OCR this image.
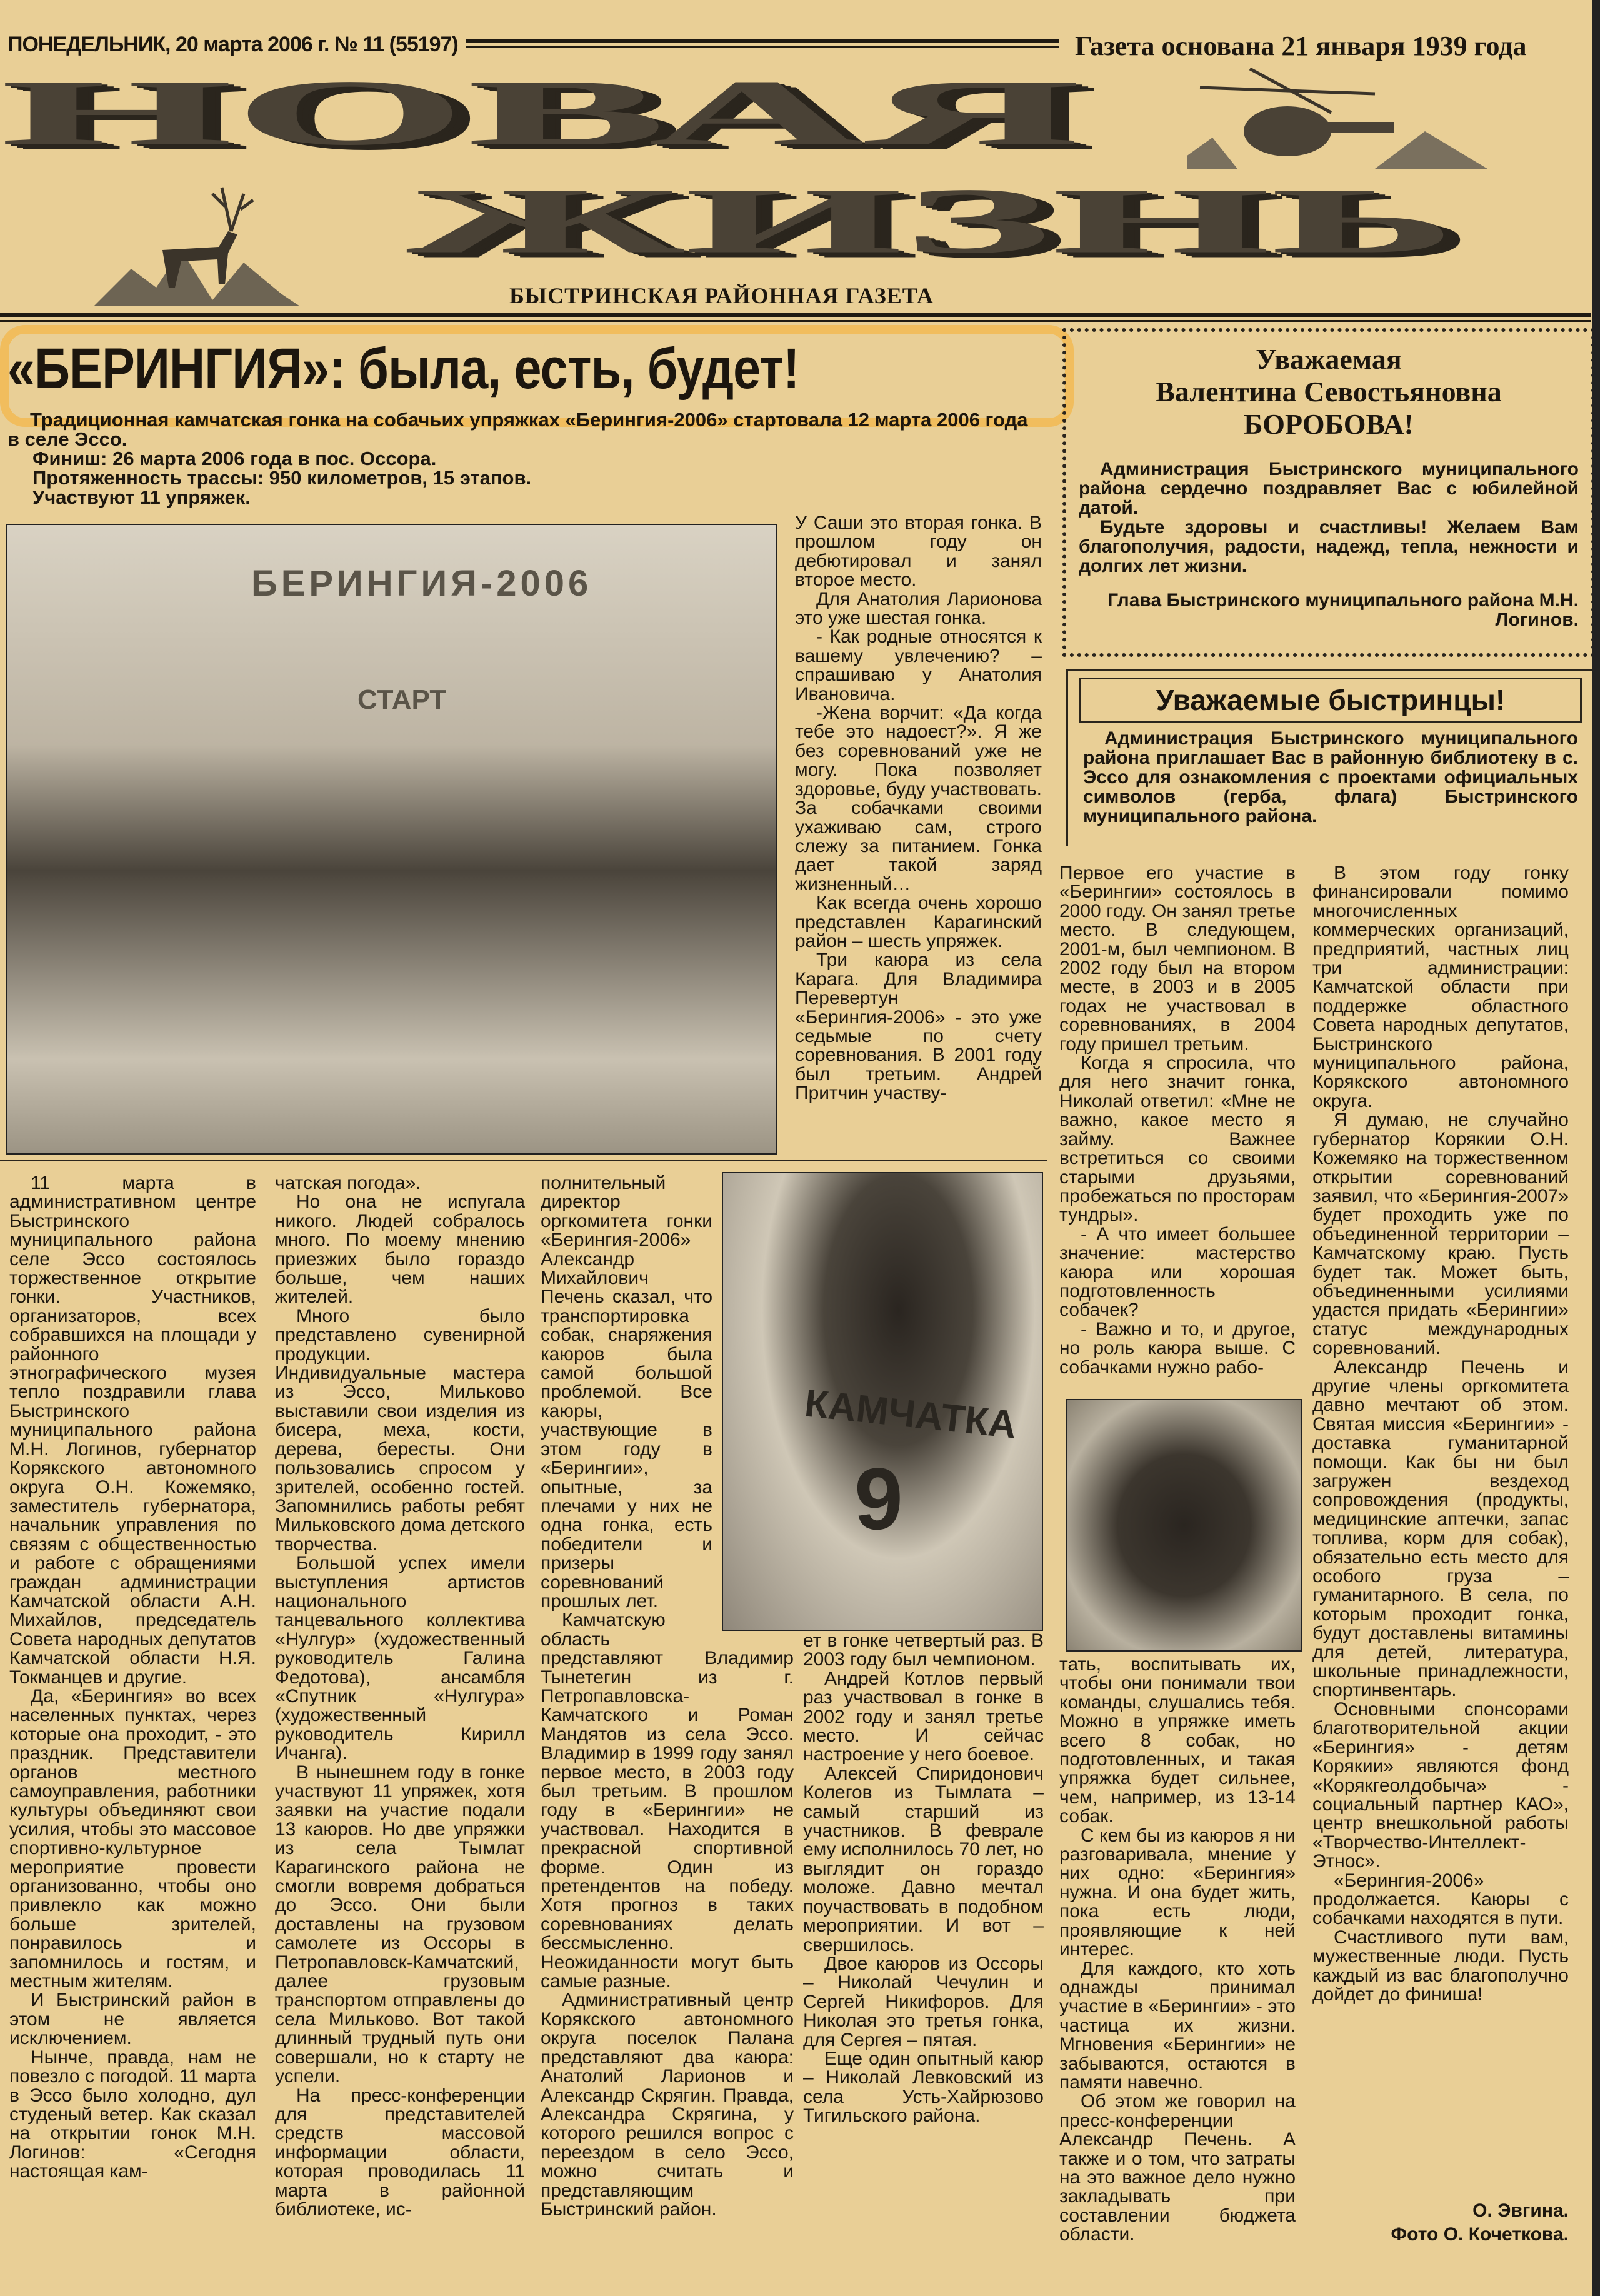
ПОНЕДЕЛЬНИК, 20 марта 2006 г. № 11 (55197)	Газета основана 21 января 1939 года
НОВАЯ
ЖИЗНЬ
БЫСТРИНСКАЯ РАЙОННАЯ ГАЗЕТА
«БЕРИНГИЯ»: была, есть, будет!

Традиционная камчатская гонка на собачьих упряжках «Берингия-2006» стартовала 12 марта 2006 года в селе Эссо.

Финиш: 26 марта 2006 года в пос. Оссора.

Протяженность трассы: 950 километров, 15 этапов.

Участвуют 11 упряжек.

Уважаемая

Валентина Севостьяновна

БОРОБОВА!

Администрация Быстринского муниципального района сердечно поздравляет Вас с юбилейной датой.

Будьте здоровы и счастливы! Желаем Вам благополучия, радости, надежд, тепла, нежности и долгих лет жизни.

Глава Быстринского муниципального района М.Н. Логинов.

Уважаемые быстринцы!

Администрация Быстринского муниципального района приглашает Вас в районную библиотеку в с. Эссо для ознакомления с проектами официальных символов (герба, флага) Быстринского муниципального района.

БЕРИНГИЯ-2006
СТАРТ

У Саши это вторая гонка. В прошлом году он дебютировал и занял второе место.

Для Анатолия Ларионова это уже шестая гонка.

- Как родные относятся к вашему увлечению? – спрашиваю у Анатолия Ивановича.

-Жена ворчит: «Да когда тебе это надоест?». Я же без соревнований уже не могу. Пока позволяет здоровье, буду участвовать. За собачками своими ухаживаю сам, строго слежу за питанием. Гонка дает такой заряд жизненный…

Как всегда очень хорошо представлен Карагинский район – шесть упряжек.

Три каюра из села Карага. Для Владимира Перевертун «Берингия-2006» - это уже седьмые по счету соревнования. В 2001 году был третьим. Андрей Притчин участву-

11 марта в административном центре Быстринского муниципального района селе Эссо состоялось торжественное открытие гонки. Участников, организаторов, всех собравшихся на площади у районного этнографического музея тепло поздравили глава Быстринского муниципального района М.Н. Логинов, губернатор Корякского автономного округа О.Н. Кожемяко, заместитель губернатора, начальник управления по связям с общественностью и работе с обращениями граждан администрации Камчатской области А.Н. Михайлов, председатель Совета народных депутатов Камчатской области Н.Я. Токманцев и другие.

Да, «Берингия» во всех населенных пунктах, через которые она проходит, - это праздник. Представители органов местного самоуправления, работники культуры объединяют свои усилия, чтобы это массовое спортивно-культурное мероприятие провести организованно, чтобы оно привлекло как можно больше зрителей, понравилось и запомнилось и гостям, и местным жителям.

И Быстринский район в этом не является исключением.

Нынче, правда, нам не повезло с погодой. 11 марта в Эссо было холодно, дул студеный ветер. Как сказал на открытии гонок М.Н. Логинов: «Сегодня настоящая кам-

чатская погода».

Но она не испугала никого. Людей собралось много. По моему мнению приезжих было гораздо больше, чем наших жителей.

Много было представлено сувенирной продукции. Индивидуальные мастера из Эссо, Мильково выставили свои изделия из бисера, меха, кости, дерева, бересты. Они пользовались спросом у зрителей, особенно гостей. Запомнились работы ребят Мильковского дома детского творчества.

Большой успех имели выступления артистов национального танцевального коллектива «Нулгур» (художественный руководитель Галина Федотова), ансамбля «Спутник «Нулгура» (художественный руководитель Кирилл Ичанга).

В нынешнем году в гонке участвуют 11 упряжек, хотя заявки на участие подали 13 каюров. Но две упряжки из села Тымлат Карагинского района не смогли вовремя добраться до Эссо. Они были доставлены на грузовом самолете из Оссоры в Петропавловск-Камчатский, далее грузовым транспортом отправлены до села Мильково. Вот такой длинный трудный путь они совершали, но к старту не успели.

На пресс-конференции для представителей средств массовой информации области, которая проводилась 11 марта в районной библиотеке, ис-

полнительный директор оргкомитета гонки «Берингия-2006» Александр Михайлович Печень сказал, что транспортировка собак, снаряжения каюров была самой большой проблемой. Все каюры, участвующие в этом году в «Берингии», опытные, за плечами у них не одна гонка, есть победители и призеры соревнований прошлых лет.

Камчатскую область представляют Владимир Тынетегин из г. Петропавловска-Камчатского и Роман Мандятов из села Эссо. Владимир в 1999 году занял первое место, в 2003 году был третьим. В прошлом году в «Берингии» не участвовал. Находится в прекрасной спортивной форме. Один из претендентов на победу. Хотя прогноз в таких соревнованиях делать бессмысленно. Неожиданности могут быть самые разные.

Административный центр Корякского автономного округа поселок Палана представляют два каюра: Анатолий Ларионов и Александр Скрягин. Правда, Александра Скрягина, у которого решился вопрос с переездом в село Эссо, можно считать и представляющим Быстринский район.

КАМЧАТКА
9

ет в гонке четвертый раз. В 2003 году был чемпионом.

Андрей Котлов первый раз участвовал в гонке в 2002 году и занял третье место. И сейчас настроение у него боевое.

Алексей Спиридонович Колегов из Тымлата – самый старший из участников. В феврале ему исполнилось 70 лет, но выглядит он гораздо моложе. Давно мечтал поучаствовать в подобном мероприятии. И вот – свершилось.

Двое каюров из Оссоры – Николай Чечулин и Сергей Никифоров. Для Николая это третья гонка, для Сергея – пятая.

Еще один опытный каюр – Николай Левковский из села Усть-Хайрюзово Тигильского района.

Первое его участие в «Берингии» состоялось в 2000 году. Он занял третье место. В следующем, 2001-м, был чемпионом. В 2002 году был на втором месте, в 2003 и в 2005 годах не участвовал в соревнованиях, в 2004 году пришел третьим.

Когда я спросила, что для него значит гонка, Николай ответил: «Мне не важно, какое место я займу. Важнее встретиться со своими старыми друзьями, пробежаться по просторам тундры».

- А что имеет большее значение: мастерство каюра или хорошая подготовленность собачек?

- Важно и то, и другое, но роль каюра выше. С собачками нужно рабо-

тать, воспитывать их, чтобы они понимали твои команды, слушались тебя. Можно в упряжке иметь всего 8 собак, но подготовленных, и такая упряжка будет сильнее, чем, например, из 13-14 собак.

С кем бы из каюров я ни разговаривала, мнение у них одно: «Берингия» нужна. И она будет жить, пока есть люди, проявляющие к ней интерес.

Для каждого, кто хоть однажды принимал участие в «Берингии» - это частица их жизни. Мгновения «Берингии» не забываются, остаются в памяти навечно.

Об этом же говорил на пресс-конференции Александр Печень. А также и о том, что затраты на это важное дело нужно закладывать при составлении бюджета области.

В этом году гонку финансировали помимо многочисленных коммерческих организаций, предприятий, частных лиц три администрации: Камчатской области при поддержке областного Совета народных депутатов, Быстринского муниципального района, Корякского автономного округа.

Я думаю, не случайно губернатор Корякии О.Н. Кожемяко на торжественном открытии соревнований заявил, что «Берингия-2007» будет проходить уже по объединенной территории – Камчатскому краю. Пусть будет так. Может быть, объединенными усилиями удастся придать «Берингии» статус международных соревнований.

Александр Печень и другие члены оргкомитета давно мечтают об этом. Святая миссия «Берингии» - доставка гуманитарной помощи. Как бы ни был загружен вездеход сопровождения (продукты, медицинские аптечки, запас топлива, корм для собак), обязательно есть место для особого груза – гуманитарного. В села, по которым проходит гонка, будут доставлены витамины для детей, литература, школьные принадлежности, спортинвентарь.

Основными спонсорами благотворительной акции «Берингия» - детям Корякии» являются фонд «Корякгеолдобыча» - социальный партнер КАО», центр внешкольной работы «Творчество-Интеллект-Этнос».

«Берингия-2006» продолжается. Каюры с собачками находятся в пути.

Счастливого пути вам, мужественные люди. Пусть каждый из вас благополучно дойдет до финиша!

О. Эвгина.
Фото О. Кочеткова.
